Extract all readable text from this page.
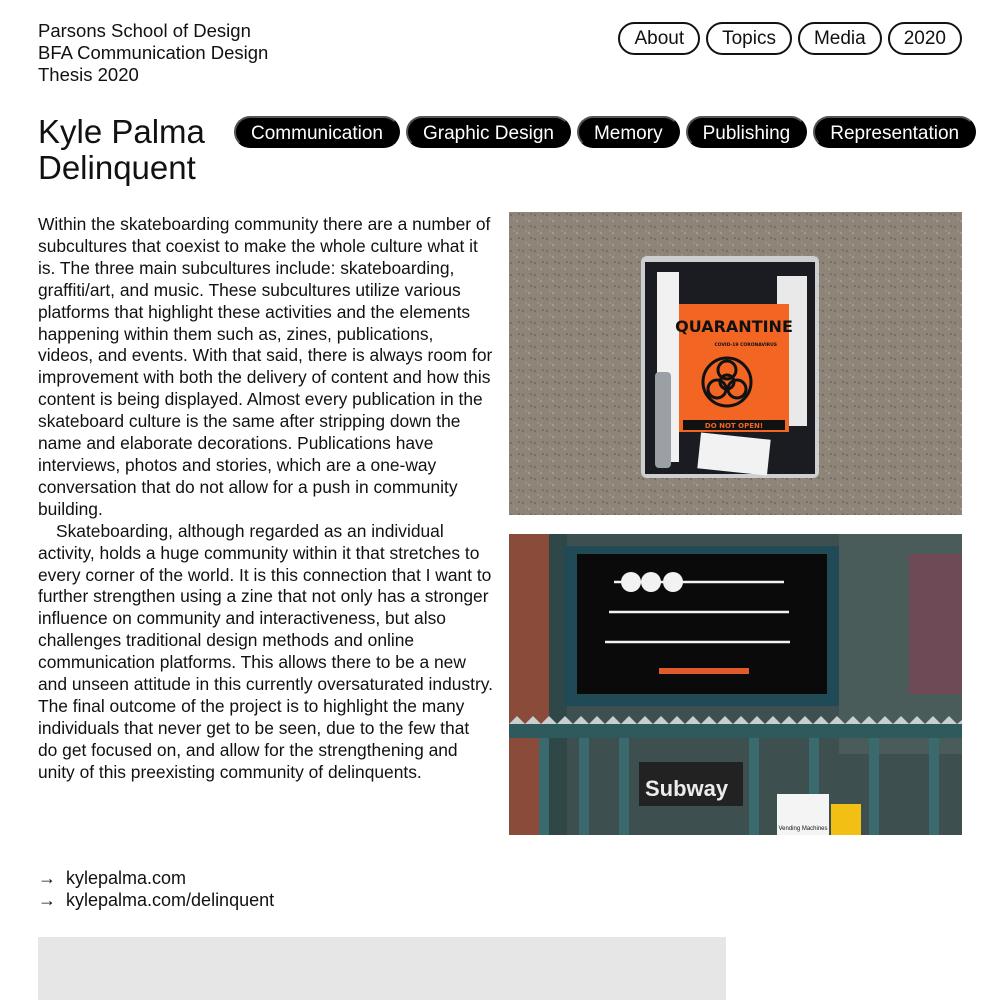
Parsons School of Design
BFA Communication Design
Thesis 2020
About	Topics	Media	2020
Kyle Palma
Delinquent
Communication	Graphic Design	Memory	Publishing	Representation

Within the skateboarding community there are a number of subcultures that coexist to make the whole culture what it is. The three main subcultures include: skateboarding, graffiti/art, and music. These subcultures utilize various platforms that highlight these activities and the elements happening within them such as, zines, publications, videos, and events. With that said, there is always room for improvement with both the delivery of content and how this content is being displayed. Almost every publication in the skateboard culture is the same after stripping down the name and elaborate decorations. Publications have interviews, photos and stories, which are a one-way conversation that do not allow for a push in community building.

Skateboarding, although regarded as an individual activity, holds a huge community within it that stretches to every corner of the world. It is this connection that I want to further strengthen using a zine that not only has a stronger influence on community and interactiveness, but also challenges traditional design methods and online communication platforms. This allows there to be a new and unseen attitude in this currently oversaturated industry. The final outcome of the project is to highlight the many individuals that never get to be seen, due to the few that do get focused on, and allow for the strengthening and unity of this preexisting community of delinquents.

→ kylepalma.com
→ kylepalma.com/delinquent
QUARANTINE
COVID-19 CORONAVIRUS
DO NOT OPEN!
Subway
Vending Machines
